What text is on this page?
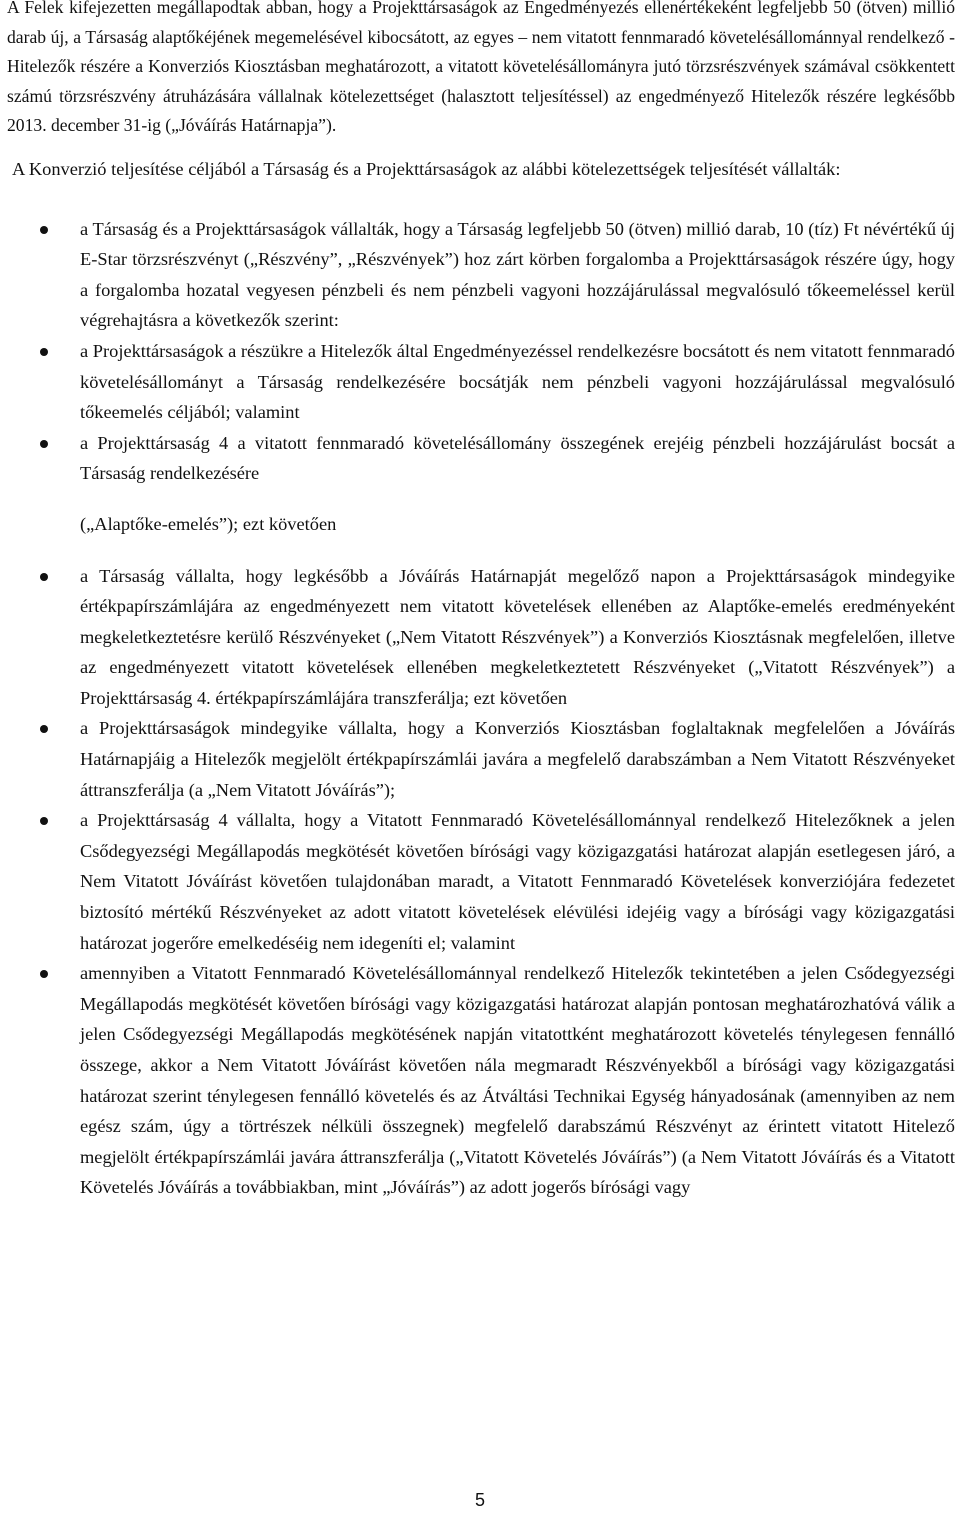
A Felek kifejezetten megállapodtak abban, hogy a Projekttársaságok az Engedményezés ellenértékeként legfeljebb 50 (ötven) millió darab új, a Társaság alaptőkéjének megemelésével kibocsátott, az egyes – nem vitatott fennmaradó követelésállománnyal rendelkező - Hitelezők részére a Konverziós Kiosztásban meghatározott, a vitatott követelésállományra jutó törzsrészvények számával csökkentett számú törzsrészvény átruházására vállalnak kötelezettséget (halasztott teljesítéssel) az engedményező Hitelezők részére legkésőbb 2013. december 31-ig („Jóváírás Határnapja”).

A Konverzió teljesítése céljából a Társaság és a Projekttársaságok az alábbi kötelezettségek teljesítését vállalták:

a Társaság és a Projekttársaságok vállalták, hogy a Társaság legfeljebb 50 (ötven) millió darab, 10 (tíz) Ft névértékű új E-Star törzsrészvényt („Részvény”, „Részvények”) hoz zárt körben forgalomba a Projekttársaságok részére úgy, hogy a forgalomba hozatal vegyesen pénzbeli és nem pénzbeli vagyoni hozzájárulással megvalósuló tőkeemeléssel kerül végrehajtásra a következők szerint:
a Projekttársaságok a részükre a Hitelezők által Engedményezéssel rendelkezésre bocsátott és nem vitatott fennmaradó követelésállományt a Társaság rendelkezésére bocsátják nem pénzbeli vagyoni hozzájárulással megvalósuló tőkeemelés céljából; valamint
a Projekttársaság 4 a vitatott fennmaradó követelésállomány összegének erejéig pénzbeli hozzájárulást bocsát a Társaság rendelkezésére

(„Alaptőke-emelés”); ezt követően

a Társaság vállalta, hogy legkésőbb a Jóváírás Határnapját megelőző napon a Projekttársaságok mindegyike értékpapírszámlájára az engedményezett nem vitatott követelések ellenében az Alaptőke-emelés eredményeként megkeletkeztetésre kerülő Részvényeket („Nem Vitatott Részvények”) a Konverziós Kiosztásnak megfelelően, illetve az engedményezett vitatott követelések ellenében megkeletkeztetett Részvényeket („Vitatott Részvények”) a Projekttársaság 4. értékpapírszámlájára transzferálja; ezt követően
a Projekttársaságok mindegyike vállalta, hogy a Konverziós Kiosztásban foglaltaknak megfelelően a Jóváírás Határnapjáig a Hitelezők megjelölt értékpapírszámlái javára a megfelelő darabszámban a Nem Vitatott Részvényeket áttranszferálja (a „Nem Vitatott Jóváírás”);
a Projekttársaság 4 vállalta, hogy a Vitatott Fennmaradó Követelésállománnyal rendelkező Hitelezőknek a jelen Csődegyezségi Megállapodás megkötését követően bírósági vagy közigazgatási határozat alapján esetlegesen járó, a Nem Vitatott Jóváírást követően tulajdonában maradt, a Vitatott Fennmaradó Követelések konverziójára fedezetet biztosító mértékű Részvényeket az adott vitatott követelések elévülési idejéig vagy a bírósági vagy közigazgatási határozat jogerőre emelkedéséig nem idegeníti el; valamint
amennyiben a Vitatott Fennmaradó Követelésállománnyal rendelkező Hitelezők tekintetében a jelen Csődegyezségi Megállapodás megkötését követően bírósági vagy közigazgatási határozat alapján pontosan meghatározhatóvá válik a jelen Csődegyezségi Megállapodás megkötésének napján vitatottként meghatározott követelés ténylegesen fennálló összege, akkor a Nem Vitatott Jóváírást követően nála megmaradt Részvényekből a bírósági vagy közigazgatási határozat szerint ténylegesen fennálló követelés és az Átváltási Technikai Egység hányadosának (amennyiben az nem egész szám, úgy a törtrészek nélküli összegnek) megfelelő darabszámú Részvényt az érintett vitatott Hitelező megjelölt értékpapírszámlái javára áttranszferálja („Vitatott Követelés Jóváírás”) (a Nem Vitatott Jóváírás és a Vitatott Követelés Jóváírás a továbbiakban, mint „Jóváírás”) az adott jogerős bírósági vagy
5
